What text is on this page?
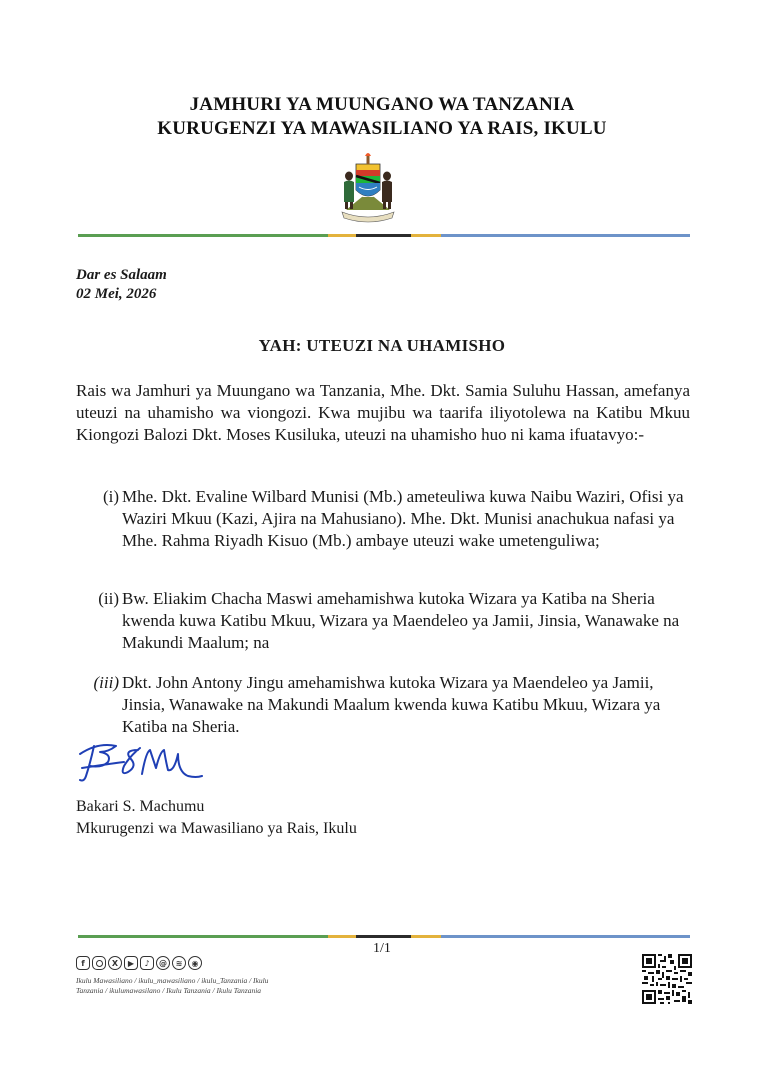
JAMHURI YA MUUNGANO WA TANZANIA
KURUGENZI YA MAWASILIANO YA RAIS, IKULU
Dar es Salaam
02 Mei, 2026
YAH: UTEUZI NA UHAMISHO
Rais wa Jamhuri ya Muungano wa Tanzania, Mhe. Dkt. Samia Suluhu Hassan, amefanya uteuzi na uhamisho wa viongozi. Kwa mujibu wa taarifa iliyotolewa na Katibu Mkuu Kiongozi Balozi Dkt. Moses Kusiluka, uteuzi na uhamisho huo ni kama ifuatavyo:-
(i) Mhe. Dkt. Evaline Wilbard Munisi (Mb.) ameteuliwa kuwa Naibu Waziri, Ofisi ya Waziri Mkuu (Kazi, Ajira na Mahusiano). Mhe. Dkt. Munisi anachukua nafasi ya Mhe. Rahma Riyadh Kisuo (Mb.) ambaye uteuzi wake umetenguliwa;
(ii) Bw. Eliakim Chacha Maswi amehamishwa kutoka Wizara ya Katiba na Sheria kwenda kuwa Katibu Mkuu, Wizara ya Maendeleo ya Jamii, Jinsia, Wanawake na Makundi Maalum; na
(iii) Dkt. John Antony Jingu amehamishwa kutoka Wizara ya Maendeleo ya Jamii, Jinsia, Wanawake na Makundi Maalum kwenda kuwa Katibu Mkuu, Wizara ya Katiba na Sheria.
Bakari S. Machumu
Mkurugenzi wa Mawasiliano ya Rais, Ikulu
1/1
f	X	▶	♪	@	≋	◉
Ikulu Mawasiliano / ikulu_mawasiliano / ikulu_Tanzania / Ikulu Tanzania / ikulumawasilano / Ikulu Tanzania / Ikulu Tanzania
